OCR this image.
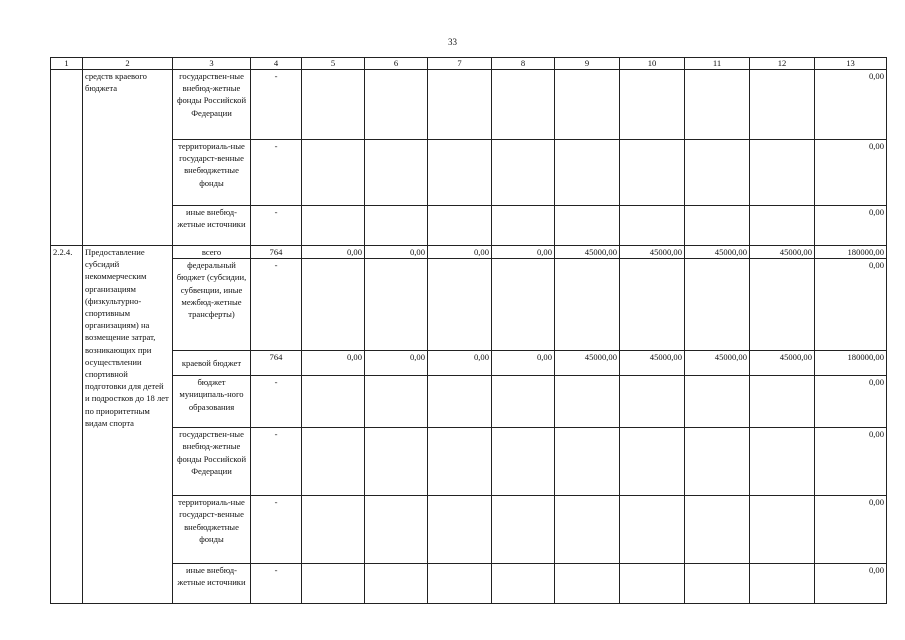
33
1	2	3	4	5	6	7	8	9	10	11	12	13
	средств краевого бюджета	государствен-ные внебюд-жетные фонды Российской Федерации	-									0,00
		территориаль-ные государст-венные внебюджетные фонды	-									0,00
		иные внебюд-жетные источники	-									0,00
2.2.4.	Предоставление субсидий некоммерческим организациям (физкультурно-спортивным организациям) на возмещение затрат, возникающих при осуществлении спортивной подготовки для детей и подростков до 18 лет по приоритетным видам спорта	всего	764	0,00	0,00	0,00	0,00	45000,00	45000,00	45000,00	45000,00	180000,00
		федеральный бюджет (субсидии, субвенции, иные межбюд-жетные трансферты)	-									0,00
		краевой бюджет	764	0,00	0,00	0,00	0,00	45000,00	45000,00	45000,00	45000,00	180000,00
		бюджет муниципаль-ного образования	-									0,00
		государствен-ные внебюд-жетные фонды Российской Федерации	-									0,00
		территориаль-ные государст-венные внебюджетные фонды	-									0,00
		иные внебюд-жетные источники	-									0,00
